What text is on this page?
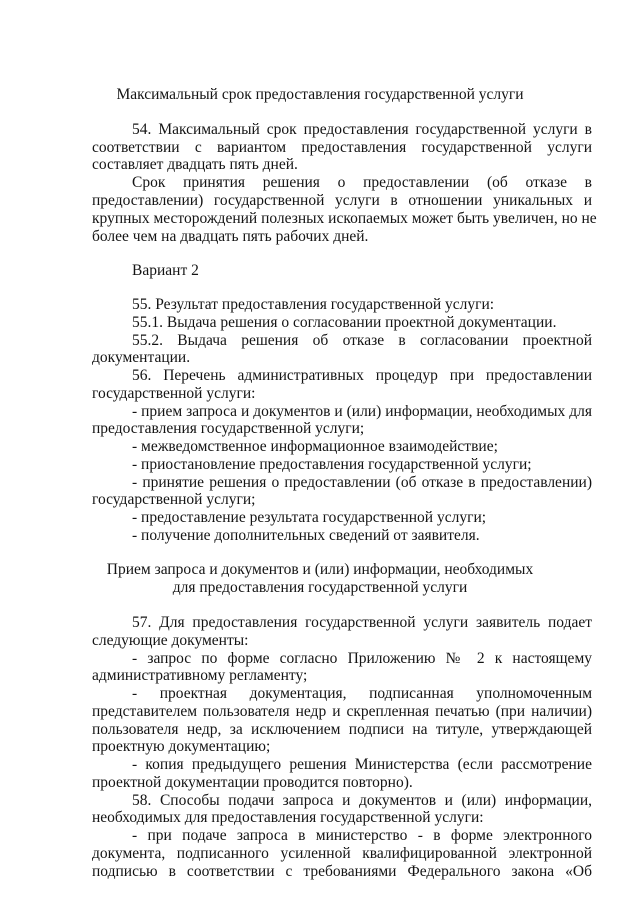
Максимальный срок предоставления государственной услуги

54. Максимальный срок предоставления государственной услуги в

соответствии с вариантом предоставления государственной услуги

составляет двадцать пять дней.

Срок принятия решения о предоставлении (об отказе в

предоставлении) государственной услуги в отношении уникальных и

крупных месторождений полезных ископаемых может быть увеличен, но не

более чем на двадцать пять рабочих дней.

Вариант 2

55. Результат предоставления государственной услуги:

55.1. Выдача решения о согласовании проектной документации.

55.2. Выдача решения об отказе в согласовании проектной

документации.

56. Перечень административных процедур при предоставлении

государственной услуги:

- прием запроса и документов и (или) информации, необходимых для

предоставления государственной услуги;

- межведомственное информационное взаимодействие;

- приостановление предоставления государственной услуги;

- принятие решения о предоставлении (об отказе в предоставлении)

государственной услуги;

- предоставление результата государственной услуги;

- получение дополнительных сведений от заявителя.

Прием запроса и документов и (или) информации, необходимых

для предоставления государственной услуги

57. Для предоставления государственной услуги заявитель подает

следующие документы:

- запрос по форме согласно Приложению № 2 к настоящему

административному регламенту;

- проектная документация, подписанная уполномоченным

представителем пользователя недр и скрепленная печатью (при наличии)

пользователя недр, за исключением подписи на титуле, утверждающей

проектную документацию;

- копия предыдущего решения Министерства (если рассмотрение

проектной документации проводится повторно).

58. Способы подачи запроса и документов и (или) информации,

необходимых для предоставления государственной услуги:

- при подаче запроса в министерство - в форме электронного

документа, подписанного усиленной квалифицированной электронной

подписью в соответствии с требованиями Федерального закона «Об
